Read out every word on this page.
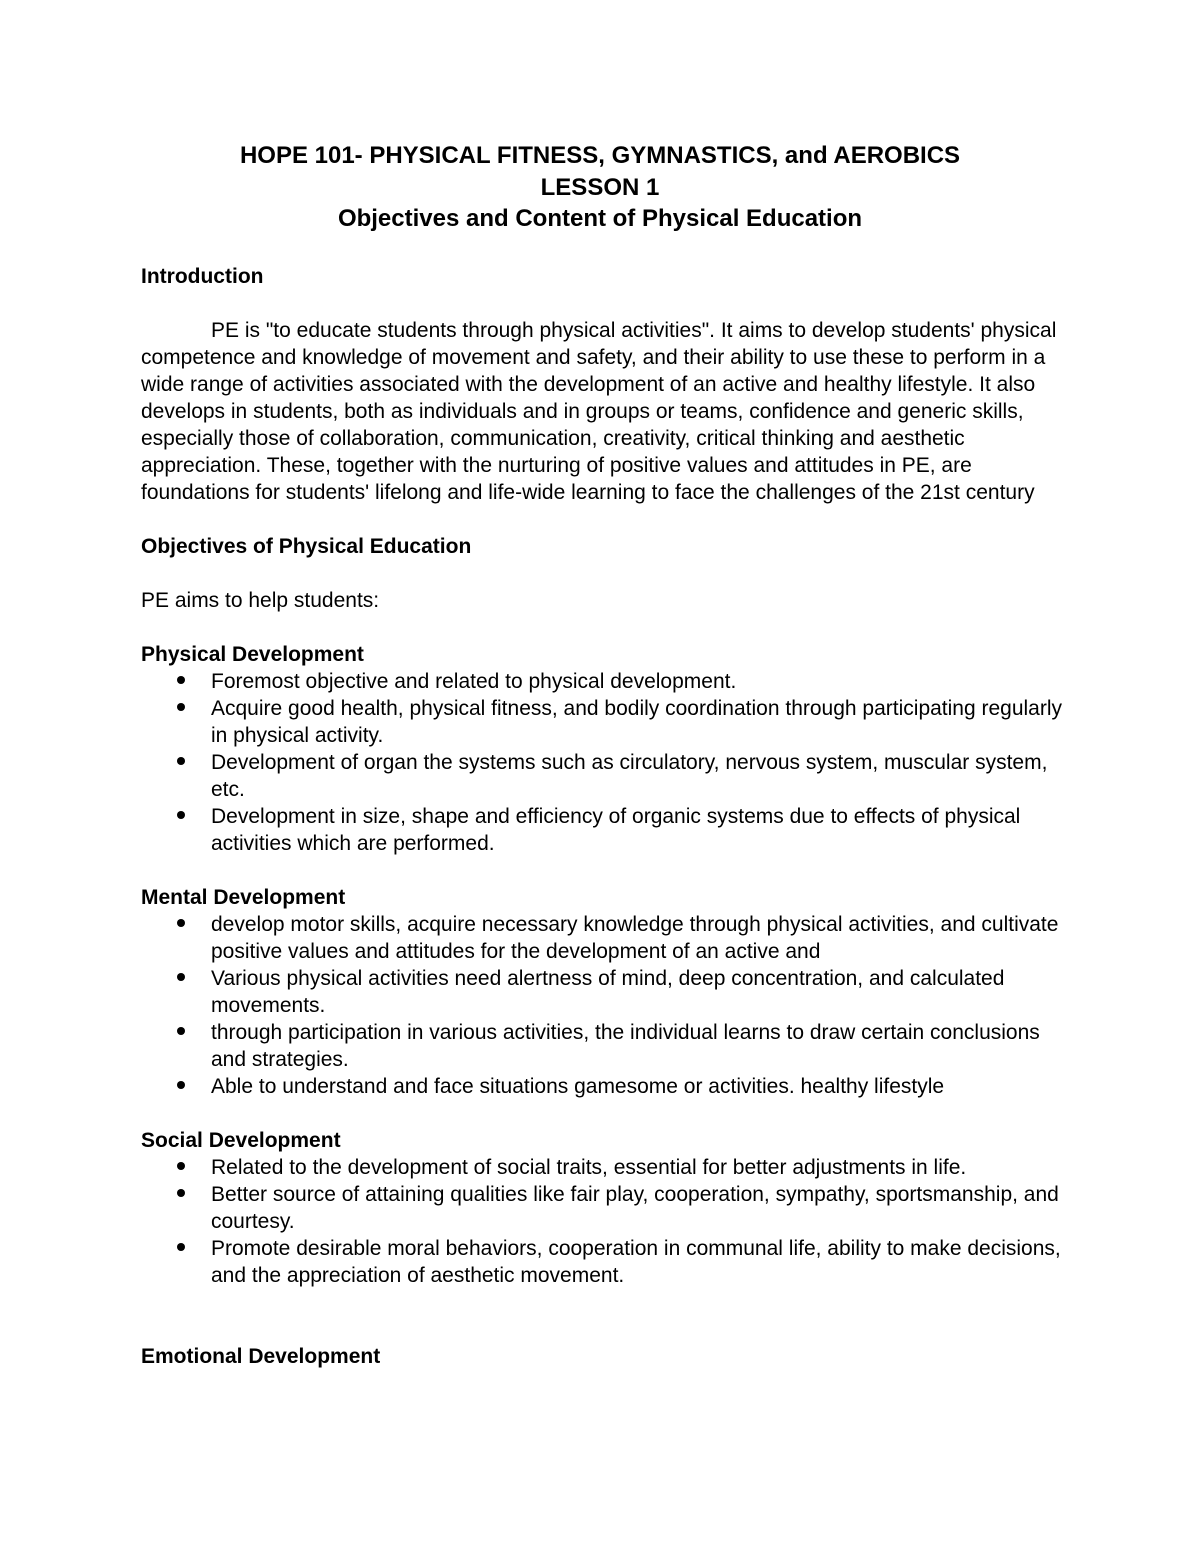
HOPE 101- PHYSICAL FITNESS, GYMNASTICS, and AEROBICS
LESSON 1
Objectives and Content of Physical Education
Introduction

PE is "to educate students through physical activities". It aims to develop students' physical competence and knowledge of movement and safety, and their ability to use these to perform in a wide range of activities associated with the development of an active and healthy lifestyle. It also develops in students, both as individuals and in groups or teams, confidence and generic skills, especially those of collaboration, communication, creativity, critical thinking and aesthetic appreciation. These, together with the nurturing of positive values and attitudes in PE, are foundations for students' lifelong and life-wide learning to face the challenges of the 21st century

Objectives of Physical Education

PE aims to help students:

Physical Development
Foremost objective and related to physical development.
Acquire good health, physical fitness, and bodily coordination through participating regularly in physical activity.
Development of organ the systems such as circulatory, nervous system, muscular system, etc.
Development in size, shape and efficiency of organic systems due to effects of physical activities which are performed.
Mental Development
develop motor skills, acquire necessary knowledge through physical activities, and cultivate positive values and attitudes for the development of an active and
Various physical activities need alertness of mind, deep concentration, and calculated movements.
through participation in various activities, the individual learns to draw certain conclusions and strategies.
Able to understand and face situations gamesome or activities. healthy lifestyle
Social Development
Related to the development of social traits, essential for better adjustments in life.
Better source of attaining qualities like fair play, cooperation, sympathy, sportsmanship, and courtesy.
Promote desirable moral behaviors, cooperation in communal life, ability to make decisions, and the appreciation of aesthetic movement.
Emotional Development
